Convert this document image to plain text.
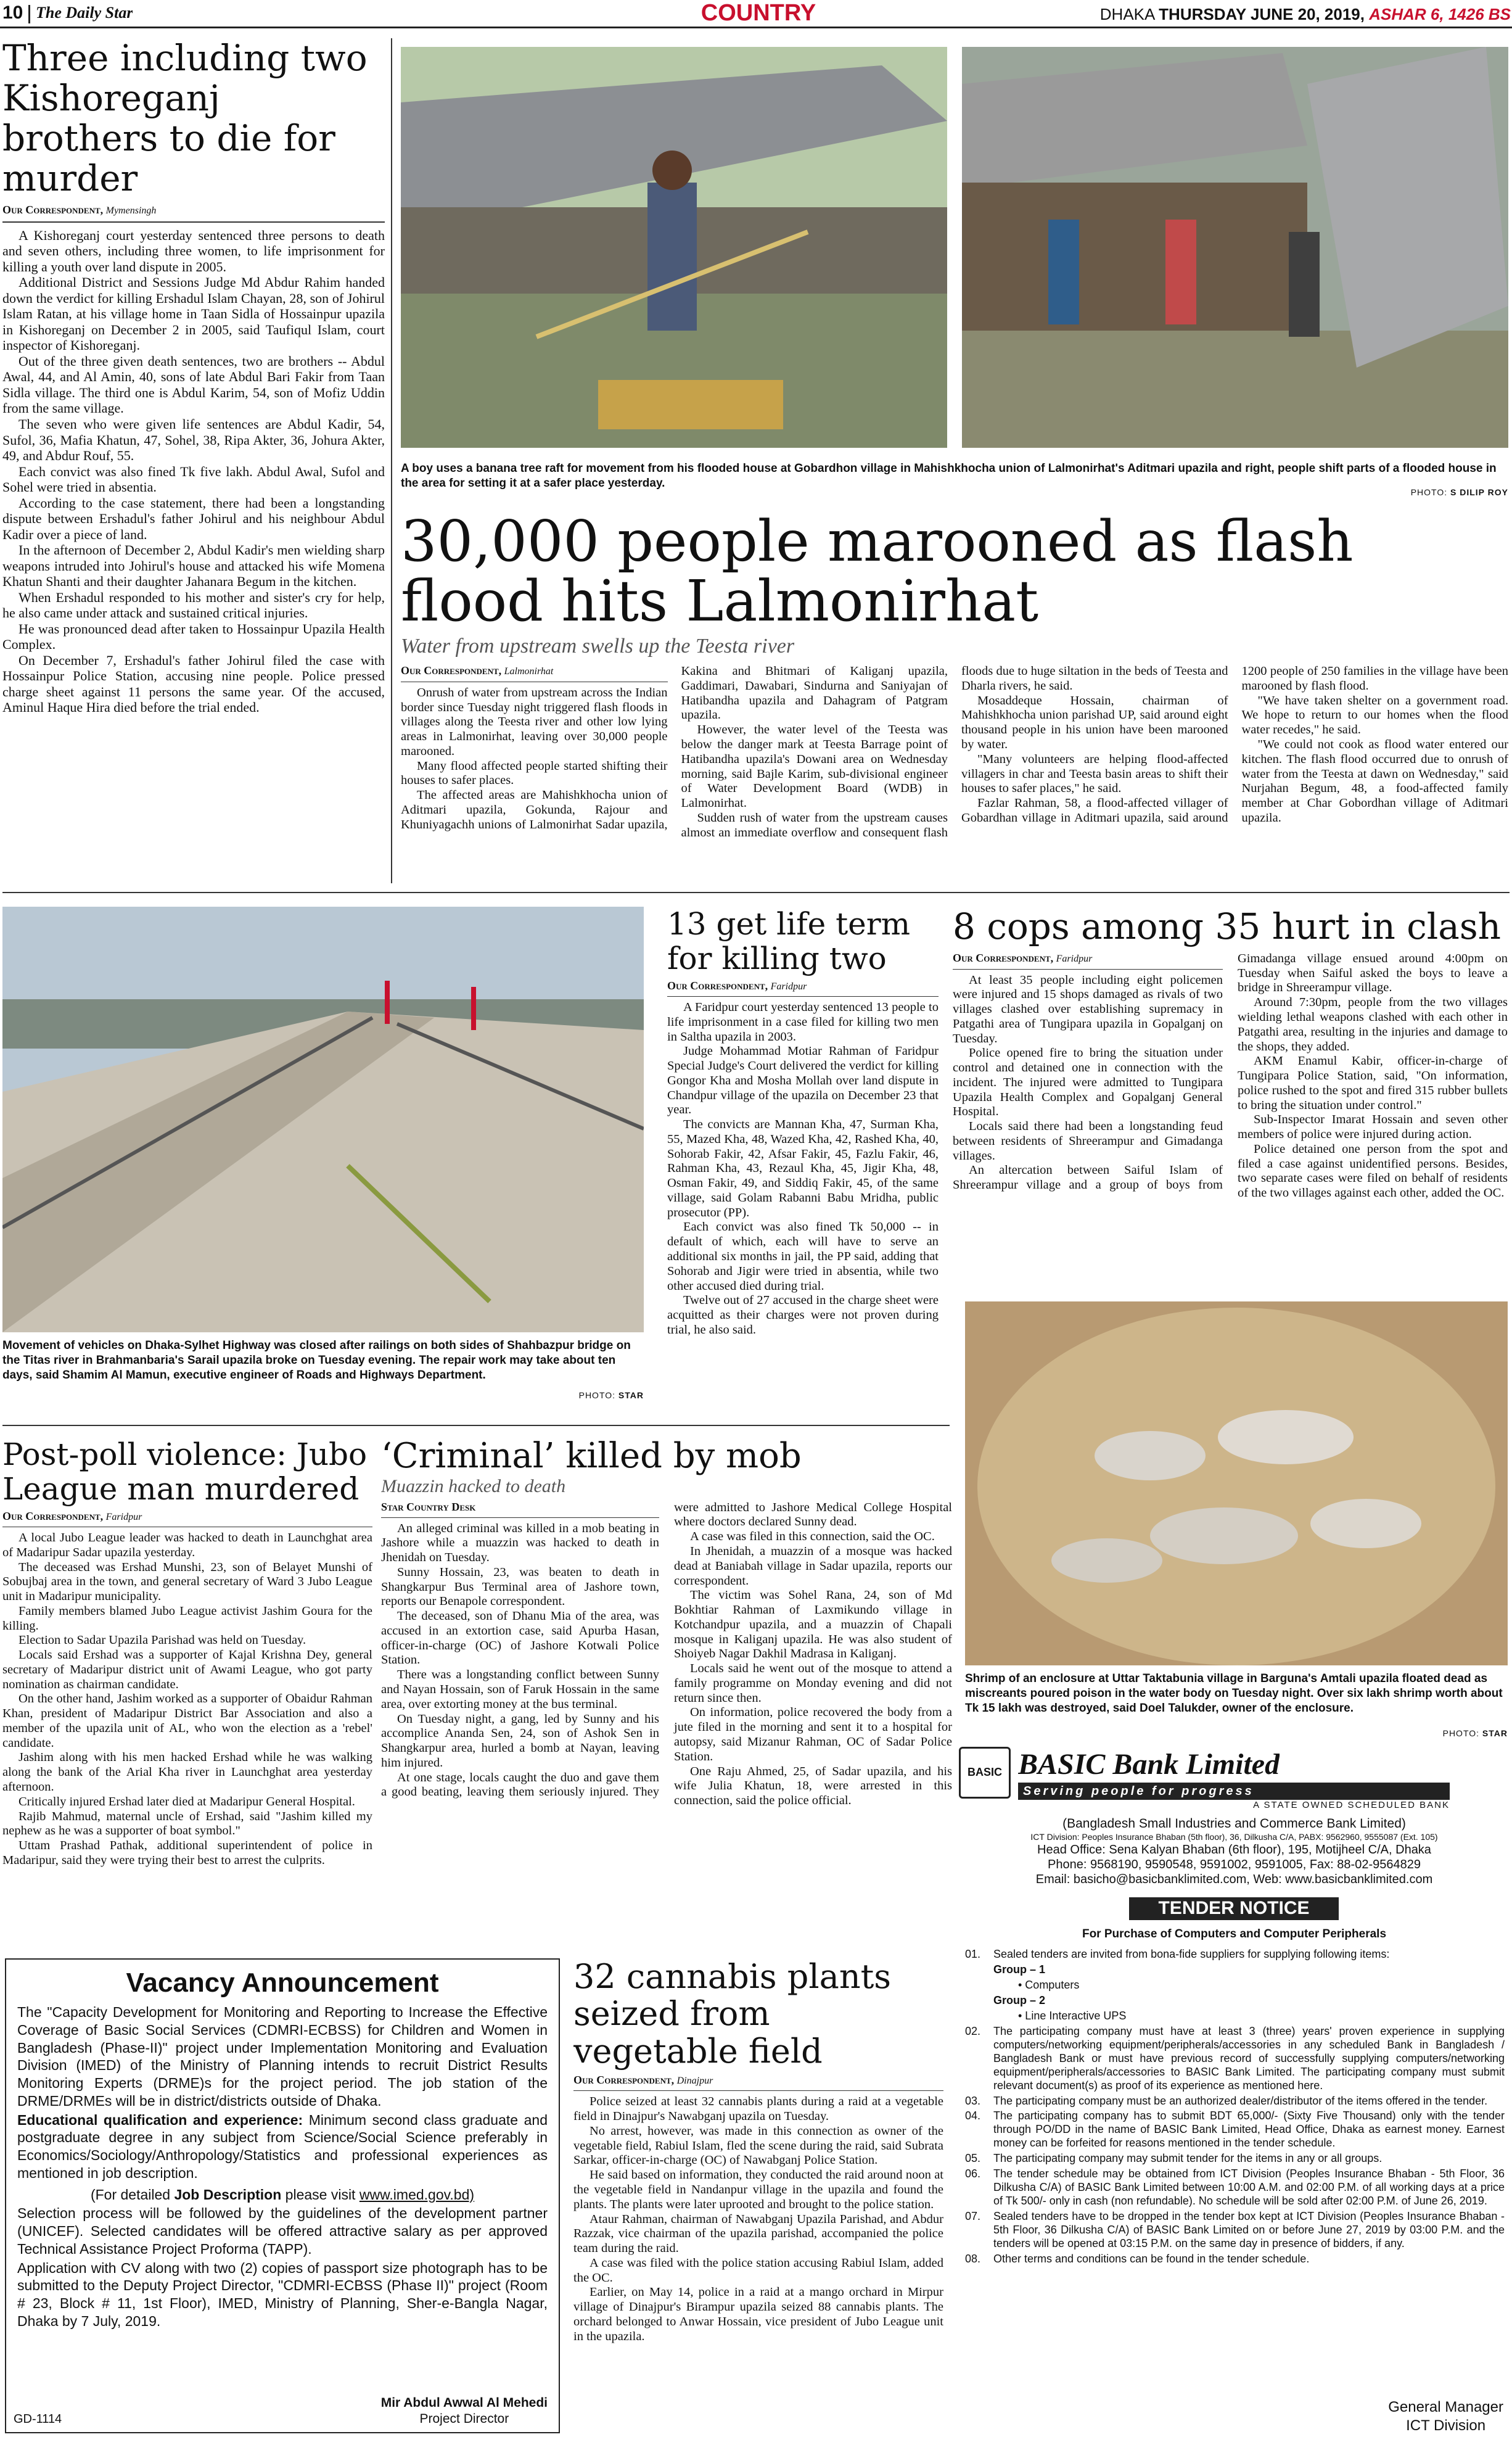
10 The Daily Star	COUNTRY	DHAKA THURSDAY JUNE 20, 2019, ASHAR 6, 1426 BS
Three including two Kishoreganj brothers to die for murder
Our Correspondent, Mymensingh

A Kishoreganj court yesterday sentenced three persons to death and seven others, including three women, to life imprisonment for killing a youth over land dispute in 2005.

Additional District and Sessions Judge Md Abdur Rahim handed down the verdict for killing Ershadul Islam Chayan, 28, son of Johirul Islam Ratan, at his village home in Taan Sidla of Hossainpur upazila in Kishoreganj on December 2 in 2005, said Taufiqul Islam, court inspector of Kishoreganj.

Out of the three given death sentences, two are brothers -- Abdul Awal, 44, and Al Amin, 40, sons of late Abdul Bari Fakir from Taan Sidla village. The third one is Abdul Karim, 54, son of Mofiz Uddin from the same village.

The seven who were given life sentences are Abdul Kadir, 54, Sufol, 36, Mafia Khatun, 47, Sohel, 38, Ripa Akter, 36, Johura Akter, 49, and Abdur Rouf, 55.

Each convict was also fined Tk five lakh. Abdul Awal, Sufol and Sohel were tried in absentia.

According to the case statement, there had been a longstanding dispute between Ershadul's father Johirul and his neighbour Abdul Kadir over a piece of land.

In the afternoon of December 2, Abdul Kadir's men wielding sharp weapons intruded into Johirul's house and attacked his wife Momena Khatun Shanti and their daughter Jahanara Begum in the kitchen.

When Ershadul responded to his mother and sister's cry for help, he also came under attack and sustained critical injuries.

He was pronounced dead after taken to Hossainpur Upazila Health Complex.

On December 7, Ershadul's father Johirul filed the case with Hossainpur Police Station, accusing nine people. Police pressed charge sheet against 11 persons the same year. Of the accused, Aminul Haque Hira died before the trial ended.

A boy uses a banana tree raft for movement from his flooded house at Gobardhon village in Mahishkhocha union of Lalmonirhat's Aditmari upazila and right, people shift parts of a flooded house in the area for setting it at a safer place yesterday.
PHOTO: S DILIP ROY
30,000 people marooned as flash flood hits Lalmonirhat
Water from upstream swells up the Teesta river
Our Correspondent, Lalmonirhat

Onrush of water from upstream across the Indian border since Tuesday night triggered flash floods in villages along the Teesta river and other low lying areas in Lalmonirhat, leaving over 30,000 people marooned.

Many flood affected people started shifting their houses to safer places.

The affected areas are Mahishkhocha union of Aditmari upazila, Gokunda, Rajour and Khuniyagachh unions of Lalmonirhat Sadar upazila, Kakina and Bhitmari of Kaliganj upazila, Gaddimari, Dawabari, Sindurna and Saniyajan of Hatibandha upazila and Dahagram of Patgram upazila.

However, the water level of the Teesta was below the danger mark at Teesta Barrage point of Hatibandha upazila's Dowani area on Wednesday morning, said Bajle Karim, sub-divisional engineer of Water Development Board (WDB) in Lalmonirhat.

Sudden rush of water from the upstream causes almost an immediate overflow and consequent flash floods due to huge siltation in the beds of Teesta and Dharla rivers, he said.

Mosaddeque Hossain, chairman of Mahishkhocha union parishad UP, said around eight thousand people in his union have been marooned by water.

"Many volunteers are helping flood-affected villagers in char and Teesta basin areas to shift their houses to safer places," he said.

Fazlar Rahman, 58, a flood-affected villager of Gobardhan village in Aditmari upazila, said around 1200 people of 250 families in the village have been marooned by flash flood.

"We have taken shelter on a government road. We hope to return to our homes when the flood water recedes," he said.

"We could not cook as flood water entered our kitchen. The flash flood occurred due to onrush of water from the Teesta at dawn on Wednesday," said Nurjahan Begum, 48, a food-affected family member at Char Gobordhan village of Aditmari upazila.

Movement of vehicles on Dhaka-Sylhet Highway was closed after railings on both sides of Shahbazpur bridge on the Titas river in Brahmanbaria's Sarail upazila broke on Tuesday evening. The repair work may take about ten days, said Shamim Al Mamun, executive engineer of Roads and Highways Department.
PHOTO: STAR
13 get life term for killing two
Our Correspondent, Faridpur

A Faridpur court yesterday sentenced 13 people to life imprisonment in a case filed for killing two men in Saltha upazila in 2003.

Judge Mohammad Motiar Rahman of Faridpur Special Judge's Court delivered the verdict for killing Gongor Kha and Mosha Mollah over land dispute in Chandpur village of the upazila on December 23 that year.

The convicts are Mannan Kha, 47, Surman Kha, 55, Mazed Kha, 48, Wazed Kha, 42, Rashed Kha, 40, Sohorab Fakir, 42, Afsar Fakir, 45, Fazlu Fakir, 46, Rahman Kha, 43, Rezaul Kha, 45, Jigir Kha, 48, Osman Fakir, 49, and Siddiq Fakir, 45, of the same village, said Golam Rabanni Babu Mridha, public prosecutor (PP).

Each convict was also fined Tk 50,000 -- in default of which, each will have to serve an additional six months in jail, the PP said, adding that Sohorab and Jigir were tried in absentia, while two other accused died during trial.

Twelve out of 27 accused in the charge sheet were acquitted as their charges were not proven during trial, he also said.

8 cops among 35 hurt in clash
Our Correspondent, Faridpur

At least 35 people including eight policemen were injured and 15 shops damaged as rivals of two villages clashed over establishing supremacy in Patgathi area of Tungipara upazila in Gopalganj on Tuesday.

Police opened fire to bring the situation under control and detained one in connection with the incident. The injured were admitted to Tungipara Upazila Health Complex and Gopalganj General Hospital.

Locals said there had been a longstanding feud between residents of Shreerampur and Gimadanga villages.

An altercation between Saiful Islam of Shreerampur village and a group of boys from Gimadanga village ensued around 4:00pm on Tuesday when Saiful asked the boys to leave a bridge in Shreerampur village.

Around 7:30pm, people from the two villages wielding lethal weapons clashed with each other in Patgathi area, resulting in the injuries and damage to the shops, they added.

AKM Enamul Kabir, officer-in-charge of Tungipara Police Station, said, "On information, police rushed to the spot and fired 315 rubber bullets to bring the situation under control."

Sub-Inspector Imarat Hossain and seven other members of police were injured during action.

Police detained one person from the spot and filed a case against unidentified persons. Besides, two separate cases were filed on behalf of residents of the two villages against each other, added the OC.

Shrimp of an enclosure at Uttar Taktabunia village in Barguna's Amtali upazila floated dead as miscreants poured poison in the water body on Tuesday night. Over six lakh shrimp worth about Tk 15 lakh was destroyed, said Doel Talukder, owner of the enclosure.
PHOTO: STAR
Post-poll violence: Jubo League man murdered
Our Correspondent, Faridpur

A local Jubo League leader was hacked to death in Launchghat area of Madaripur Sadar upazila yesterday.

The deceased was Ershad Munshi, 23, son of Belayet Munshi of Sobujbaj area in the town, and general secretary of Ward 3 Jubo League unit in Madaripur municipality.

Family members blamed Jubo League activist Jashim Goura for the killing.

Election to Sadar Upazila Parishad was held on Tuesday.

Locals said Ershad was a supporter of Kajal Krishna Dey, general secretary of Madaripur district unit of Awami League, who got party nomination as chairman candidate.

On the other hand, Jashim worked as a supporter of Obaidur Rahman Khan, president of Madaripur District Bar Association and also a member of the upazila unit of AL, who won the election as a 'rebel' candidate.

Jashim along with his men hacked Ershad while he was walking along the bank of the Arial Kha river in Launchghat area yesterday afternoon.

Critically injured Ershad later died at Madaripur General Hospital.

Rajib Mahmud, maternal uncle of Ershad, said "Jashim killed my nephew as he was a supporter of boat symbol."

Uttam Prashad Pathak, additional superintendent of police in Madaripur, said they were trying their best to arrest the culprits.

‘Criminal’ killed by mob
Muazzin hacked to death
Star Country Desk

An alleged criminal was killed in a mob beating in Jashore while a muazzin was hacked to death in Jhenidah on Tuesday.

Sunny Hossain, 23, was beaten to death in Shangkarpur Bus Terminal area of Jashore town, reports our Benapole correspondent.

The deceased, son of Dhanu Mia of the area, was accused in an extortion case, said Apurba Hasan, officer-in-charge (OC) of Jashore Kotwali Police Station.

There was a longstanding conflict between Sunny and Nayan Hossain, son of Faruk Hossain in the same area, over extorting money at the bus terminal.

On Tuesday night, a gang, led by Sunny and his accomplice Ananda Sen, 24, son of Ashok Sen in Shangkarpur area, hurled a bomb at Nayan, leaving him injured.

At one stage, locals caught the duo and gave them a good beating, leaving them seriously injured. They were admitted to Jashore Medical College Hospital where doctors declared Sunny dead.

A case was filed in this connection, said the OC.

In Jhenidah, a muazzin of a mosque was hacked dead at Baniabah village in Sadar upazila, reports our correspondent.

The victim was Sohel Rana, 24, son of Md Bokhtiar Rahman of Laxmikundo village in Kotchandpur upazila, and a muazzin of Chapali mosque in Kaliganj upazila. He was also student of Shoiyeb Nagar Dakhil Madrasa in Kaliganj.

Locals said he went out of the mosque to attend a family programme on Monday evening and did not return since then.

On information, police recovered the body from a jute filed in the morning and sent it to a hospital for autopsy, said Mizanur Rahman, OC of Sadar Police Station.

One Raju Ahmed, 25, of Sadar upazila, and his wife Julia Khatun, 18, were arrested in this connection, said the police official.

Vacancy Announcement
The "Capacity Development for Monitoring and Reporting to Increase the Effective Coverage of Basic Social Services (CDMRI-ECBSS) for Children and Women in Bangladesh (Phase-II)" project under Implementation Monitoring and Evaluation Division (IMED) of the Ministry of Planning intends to recruit District Results Monitoring Experts (DRME)s for the project period. The job station of the DRME/DRMEs will be in district/districts outside of Dhaka.
Educational qualification and experience: Minimum second class graduate and postgraduate degree in any subject from Science/Social Science preferably in Economics/Sociology/Anthropology/Statistics and professional experiences as mentioned in job description.
(For detailed Job Description please visit www.imed.gov.bd)
Selection process will be followed by the guidelines of the development partner (UNICEF). Selected candidates will be offered attractive salary as per approved Technical Assistance Project Proforma (TAPP).
Application with CV along with two (2) copies of passport size photograph has to be submitted to the Deputy Project Director, "CDMRI-ECBSS (Phase II)" project (Room # 23, Block # 11, 1st Floor), IMED, Ministry of Planning, Sher-e-Bangla Nagar, Dhaka by 7 July, 2019.
GD-1114
Mir Abdul Awwal Al Mehedi
Project Director
32 cannabis plants seized from vegetable field
Our Correspondent, Dinajpur

Police seized at least 32 cannabis plants during a raid at a vegetable field in Dinajpur's Nawabganj upazila on Tuesday.

No arrest, however, was made in this connection as owner of the vegetable field, Rabiul Islam, fled the scene during the raid, said Subrata Sarkar, officer-in-charge (OC) of Nawabganj Police Station.

He said based on information, they conducted the raid around noon at the vegetable field in Nandanpur village in the upazila and found the plants. The plants were later uprooted and brought to the police station.

Ataur Rahman, chairman of Nawabganj Upazila Parishad, and Abdur Razzak, vice chairman of the upazila parishad, accompanied the police team during the raid.

A case was filed with the police station accusing Rabiul Islam, added the OC.

Earlier, on May 14, police in a raid at a mango orchard in Mirpur village of Dinajpur's Birampur upazila seized 88 cannabis plants. The orchard belonged to Anwar Hossain, vice president of Jubo League unit in the upazila.

BASIC BASIC Bank Limited
Serving people for progress
A STATE OWNED SCHEDULED BANK
(Bangladesh Small Industries and Commerce Bank Limited)
ICT Division: Peoples Insurance Bhaban (5th floor), 36, Dilkusha C/A, PABX: 9562960, 9555087 (Ext. 105)
Head Office: Sena Kalyan Bhaban (6th floor), 195, Motijheel C/A, Dhaka
Phone: 9568190, 9590548, 9591002, 9591005, Fax: 88-02-9564829
Email: basicho@basicbanklimited.com, Web: www.basicbanklimited.com
TENDER NOTICE
For Purchase of Computers and Computer Peripherals
01.	Sealed tenders are invited from bona-fide suppliers for supplying following items:
Group – 1
• Computers
Group – 2
• Line Interactive UPS
02.	The participating company must have at least 3 (three) years' proven experience in supplying computers/networking equipment/peripherals/accessories in any scheduled Bank in Bangladesh / Bangladesh Bank or must have previous record of successfully supplying computers/networking equipment/peripherals/accessories to BASIC Bank Limited. The participating company must submit relevant document(s) as proof of its experience as mentioned here.
03.	The participating company must be an authorized dealer/distributor of the items offered in the tender.
04.	The participating company has to submit BDT 65,000/- (Sixty Five Thousand) only with the tender through PO/DD in the name of BASIC Bank Limited, Head Office, Dhaka as earnest money. Earnest money can be forfeited for reasons mentioned in the tender schedule.
05.	The participating company may submit tender for the items in any or all groups.
06.	The tender schedule may be obtained from ICT Division (Peoples Insurance Bhaban - 5th Floor, 36 Dilkusha C/A) of BASIC Bank Limited between 10:00 A.M. and 02:00 P.M. of all working days at a price of Tk 500/- only in cash (non refundable). No schedule will be sold after 02:00 P.M. of June 26, 2019.
07.	Sealed tenders have to be dropped in the tender box kept at ICT Division (Peoples Insurance Bhaban - 5th Floor, 36 Dilkusha C/A) of BASIC Bank Limited on or before June 27, 2019 by 03:00 P.M. and the tenders will be opened at 03:15 P.M. on the same day in presence of bidders, if any.
08.	Other terms and conditions can be found in the tender schedule.
General Manager
ICT Division
